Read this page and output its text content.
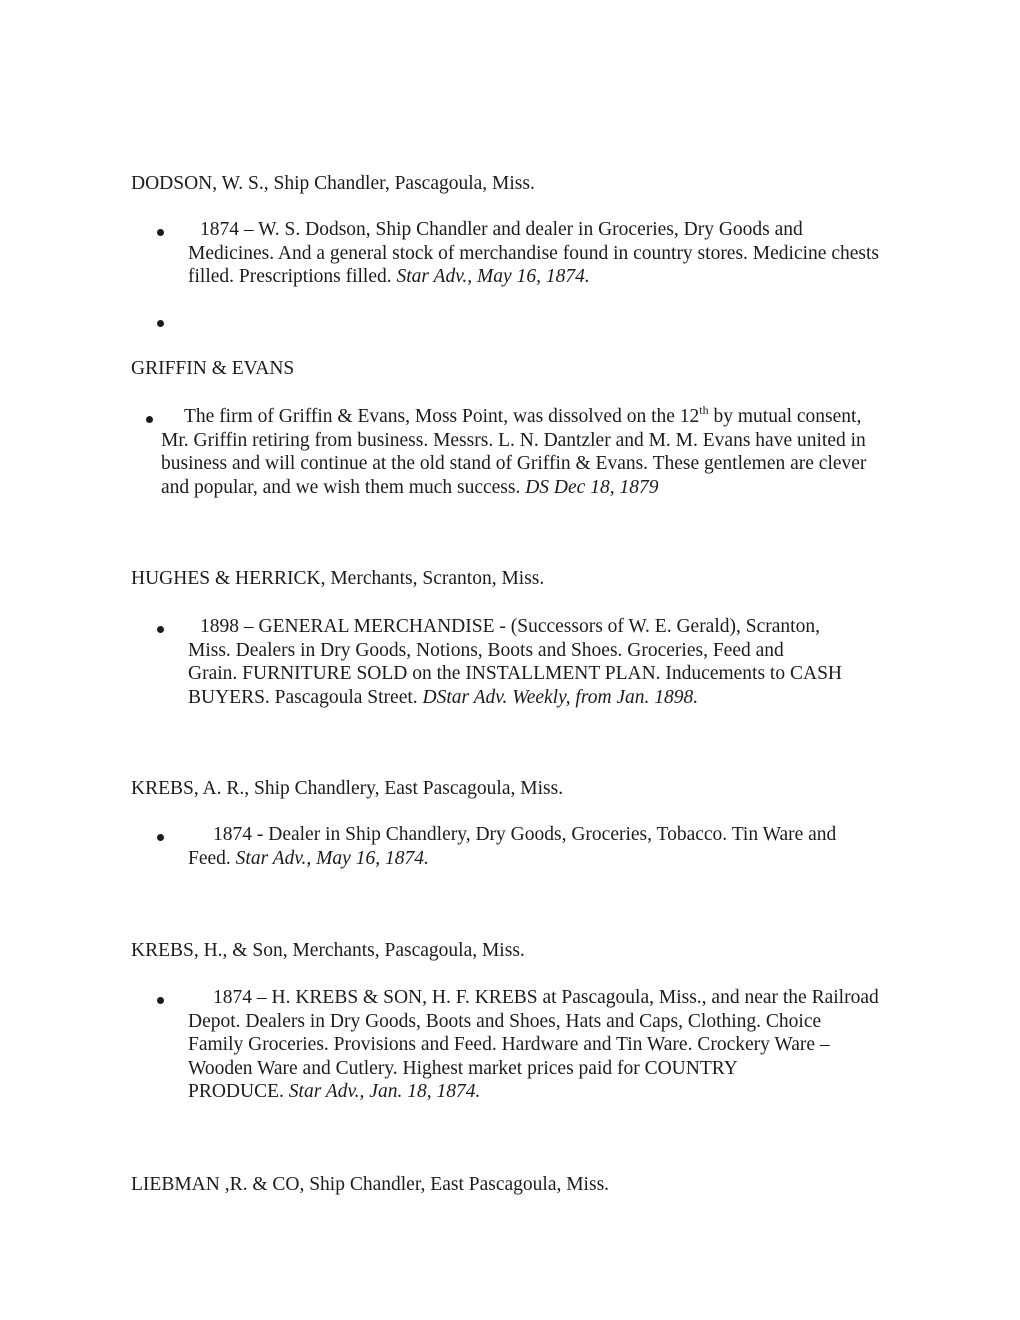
DODSON, W. S., Ship Chandler, Pascagoula, Miss.

1874 – W. S. Dodson, Ship Chandler and dealer in Groceries, Dry Goods and
Medicines. And a general stock of merchandise found in country stores. Medicine chests
filled. Prescriptions filled. Star Adv., May 16, 1874.

GRIFFIN & EVANS

The firm of Griffin & Evans, Moss Point, was dissolved on the 12th by mutual consent,
Mr. Griffin retiring from business. Messrs. L. N. Dantzler and M. M. Evans have united in
business and will continue at the old stand of Griffin & Evans. These gentlemen are clever
and popular, and we wish them much success. DS Dec 18, 1879

HUGHES & HERRICK, Merchants, Scranton, Miss.

1898 – GENERAL MERCHANDISE - (Successors of W. E. Gerald), Scranton,
Miss. Dealers in Dry Goods, Notions, Boots and Shoes. Groceries, Feed and
Grain. FURNITURE SOLD on the INSTALLMENT PLAN. Inducements to CASH
BUYERS. Pascagoula Street. DStar Adv. Weekly, from Jan. 1898.

KREBS, A. R., Ship Chandlery, East Pascagoula, Miss.

1874 - Dealer in Ship Chandlery, Dry Goods, Groceries, Tobacco. Tin Ware and
Feed. Star Adv., May 16, 1874.

KREBS, H., & Son, Merchants, Pascagoula, Miss.

1874 – H. KREBS & SON, H. F. KREBS at Pascagoula, Miss., and near the Railroad
Depot. Dealers in Dry Goods, Boots and Shoes, Hats and Caps, Clothing. Choice
Family Groceries. Provisions and Feed. Hardware and Tin Ware. Crockery Ware –
Wooden Ware and Cutlery. Highest market prices paid for COUNTRY
PRODUCE. Star Adv., Jan. 18, 1874.

LIEBMAN ,R. & CO, Ship Chandler, East Pascagoula, Miss.
